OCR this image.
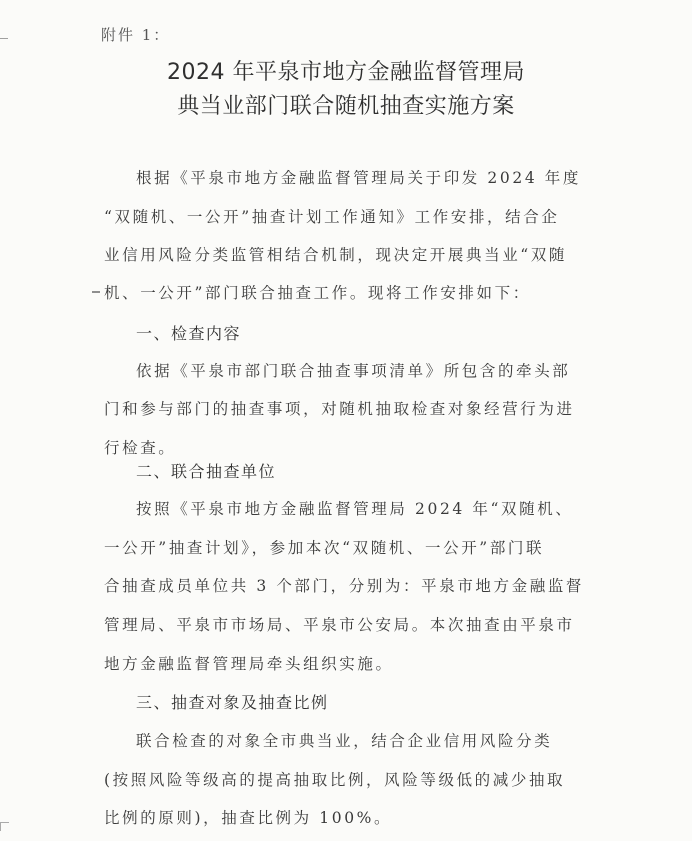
附件 1：
2024 年平泉市地方金融监督管理局
典当业部门联合随机抽查实施方案
根据《平泉市地方金融监督管理局关于印发 2024 年度
“双随机、一公开”抽查计划工作通知》工作安排，结合企
业信用风险分类监管相结合机制，现决定开展典当业“双随
机、一公开”部门联合抽查工作。现将工作安排如下：
一、检查内容
依据《平泉市部门联合抽查事项清单》所包含的牵头部
门和参与部门的抽查事项，对随机抽取检查对象经营行为进
行检查。
二、联合抽查单位
按照《平泉市地方金融监督管理局 2024 年“双随机、
一公开”抽查计划》，参加本次“双随机、一公开”部门联
合抽查成员单位共 3 个部门，分别为：平泉市地方金融监督
管理局、平泉市市场局、平泉市公安局。本次抽查由平泉市
地方金融监督管理局牵头组织实施。
三、抽查对象及抽查比例
联合检查的对象全市典当业，结合企业信用风险分类
(按照风险等级高的提高抽取比例，风险等级低的减少抽取
比例的原则)，抽查比例为 100%。
